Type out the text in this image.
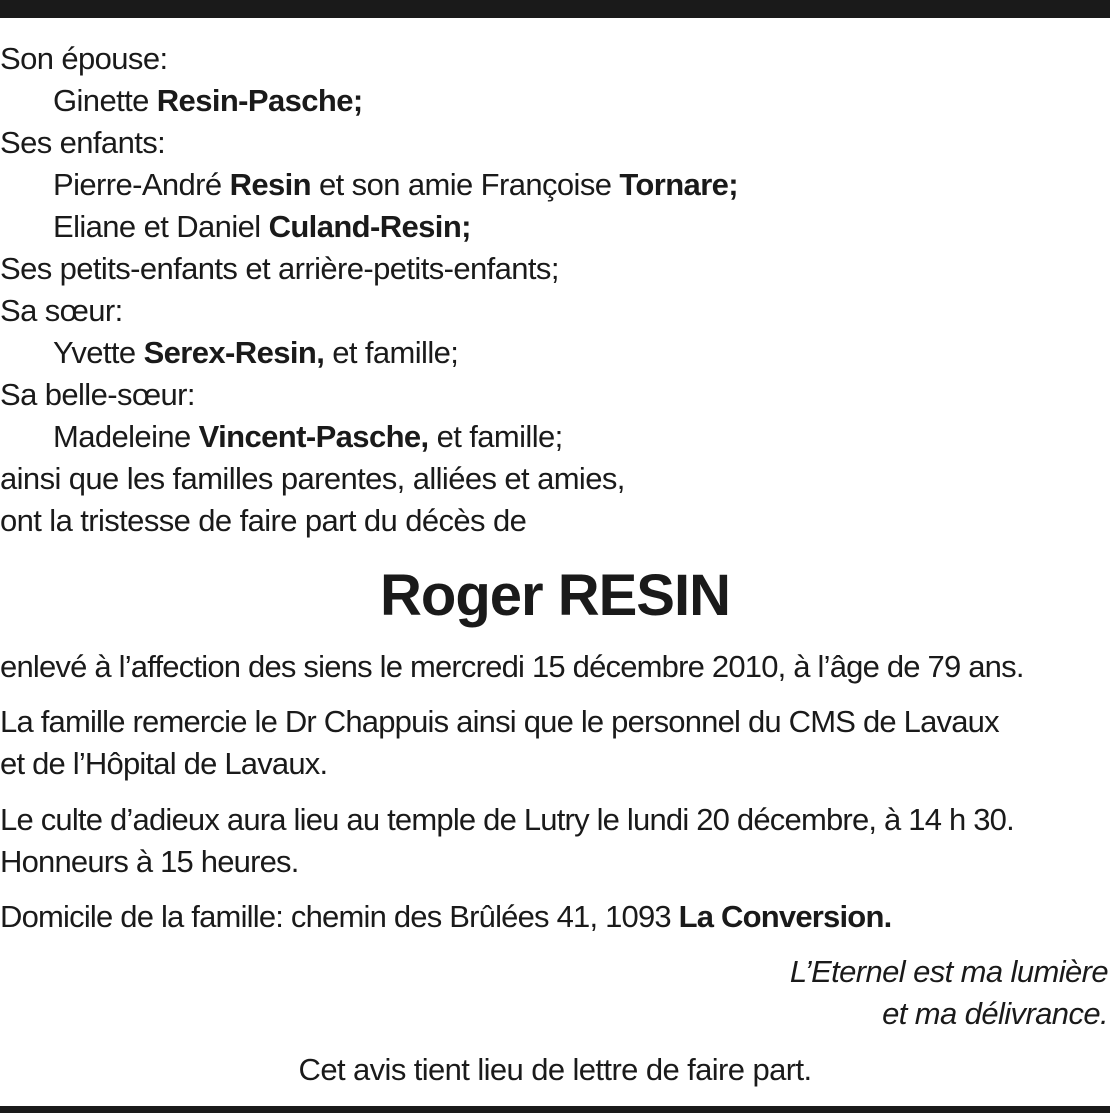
Son épouse:
Ginette Resin-Pasche;
Ses enfants:
Pierre-André Resin et son amie Françoise Tornare;
Eliane et Daniel Culand-Resin;
Ses petits-enfants et arrière-petits-enfants;
Sa sœur:
Yvette Serex-Resin, et famille;
Sa belle-sœur:
Madeleine Vincent-Pasche, et famille;
ainsi que les familles parentes, alliées et amies,
ont la tristesse de faire part du décès de
Roger RESIN
enlevé à l’affection des siens le mercredi 15 décembre 2010, à l’âge de 79 ans.
La famille remercie le Dr Chappuis ainsi que le personnel du CMS de Lavaux
et de l’Hôpital de Lavaux.
Le culte d’adieux aura lieu au temple de Lutry le lundi 20 décembre, à 14 h 30.
Honneurs à 15 heures.
Domicile de la famille: chemin des Brûlées 41, 1093 La Conversion.
L’Eternel est ma lumière
et ma délivrance.
Cet avis tient lieu de lettre de faire part.
